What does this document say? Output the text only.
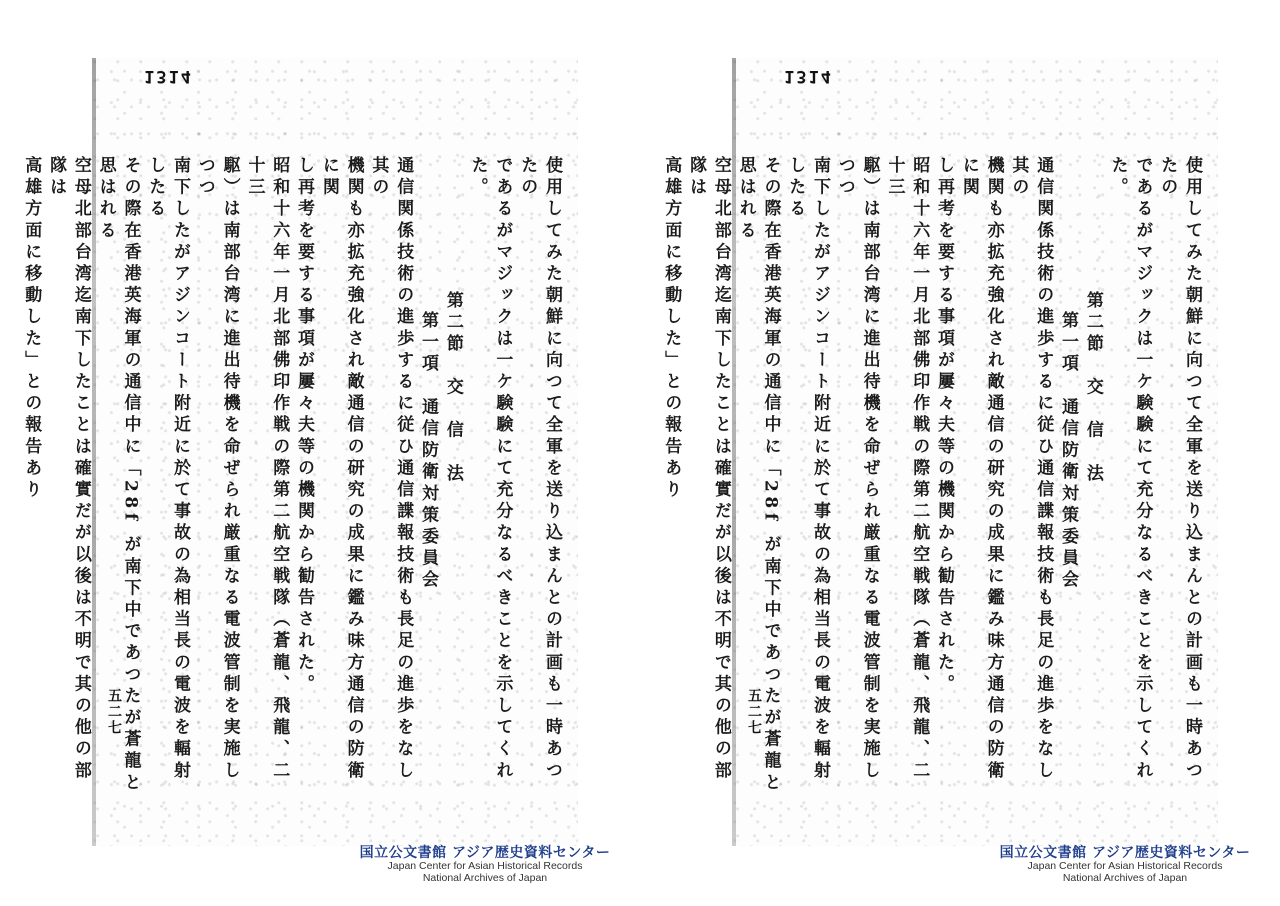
1314
使用してみた朝鮮に向つて全軍を送り込まんとの計画も一時あつたの
であるがマジックは一ケ験験にて充分なるべきことを示してくれた。
第二節　交　信　法
第一項　通信防衛対策委員会
通信関係技術の進歩するに従ひ通信諜報技術も長足の進歩をなし其の
機関も亦拡充強化され敵通信の研究の成果に鑑み味方通信の防衛に関
し再考を要する事項が屢々夫等の機関から勧告された。
昭和十六年一月北部佛印作戦の際第二航空戦隊（蒼龍、飛龍、二十三
駆）は南部台湾に進出待機を命ぜられ厳重なる電波管制を実施しつつ
南下したがアジンコート附近に於て事故の為相当長の電波を輻射したる
その際在香港英海軍の通信中に「28f が南下中であつたが蒼龍と思はれる
空母北部台湾迄南下したことは確實だが以後は不明で其の他の部隊は
高雄方面に移動した」との報告あり
五二七
国立公文書館 アジア歴史資料センター
Japan Center for Asian Historical Records
National Archives of Japan
1314
使用してみた朝鮮に向つて全軍を送り込まんとの計画も一時あつたの
であるがマジックは一ケ験験にて充分なるべきことを示してくれた。
第二節　交　信　法
第一項　通信防衛対策委員会
通信関係技術の進歩するに従ひ通信諜報技術も長足の進歩をなし其の
機関も亦拡充強化され敵通信の研究の成果に鑑み味方通信の防衛に関
し再考を要する事項が屢々夫等の機関から勧告された。
昭和十六年一月北部佛印作戦の際第二航空戦隊（蒼龍、飛龍、二十三
駆）は南部台湾に進出待機を命ぜられ厳重なる電波管制を実施しつつ
南下したがアジンコート附近に於て事故の為相当長の電波を輻射したる
その際在香港英海軍の通信中に「28f が南下中であつたが蒼龍と思はれる
空母北部台湾迄南下したことは確實だが以後は不明で其の他の部隊は
高雄方面に移動した」との報告あり
五二七
国立公文書館 アジア歴史資料センター
Japan Center for Asian Historical Records
National Archives of Japan
